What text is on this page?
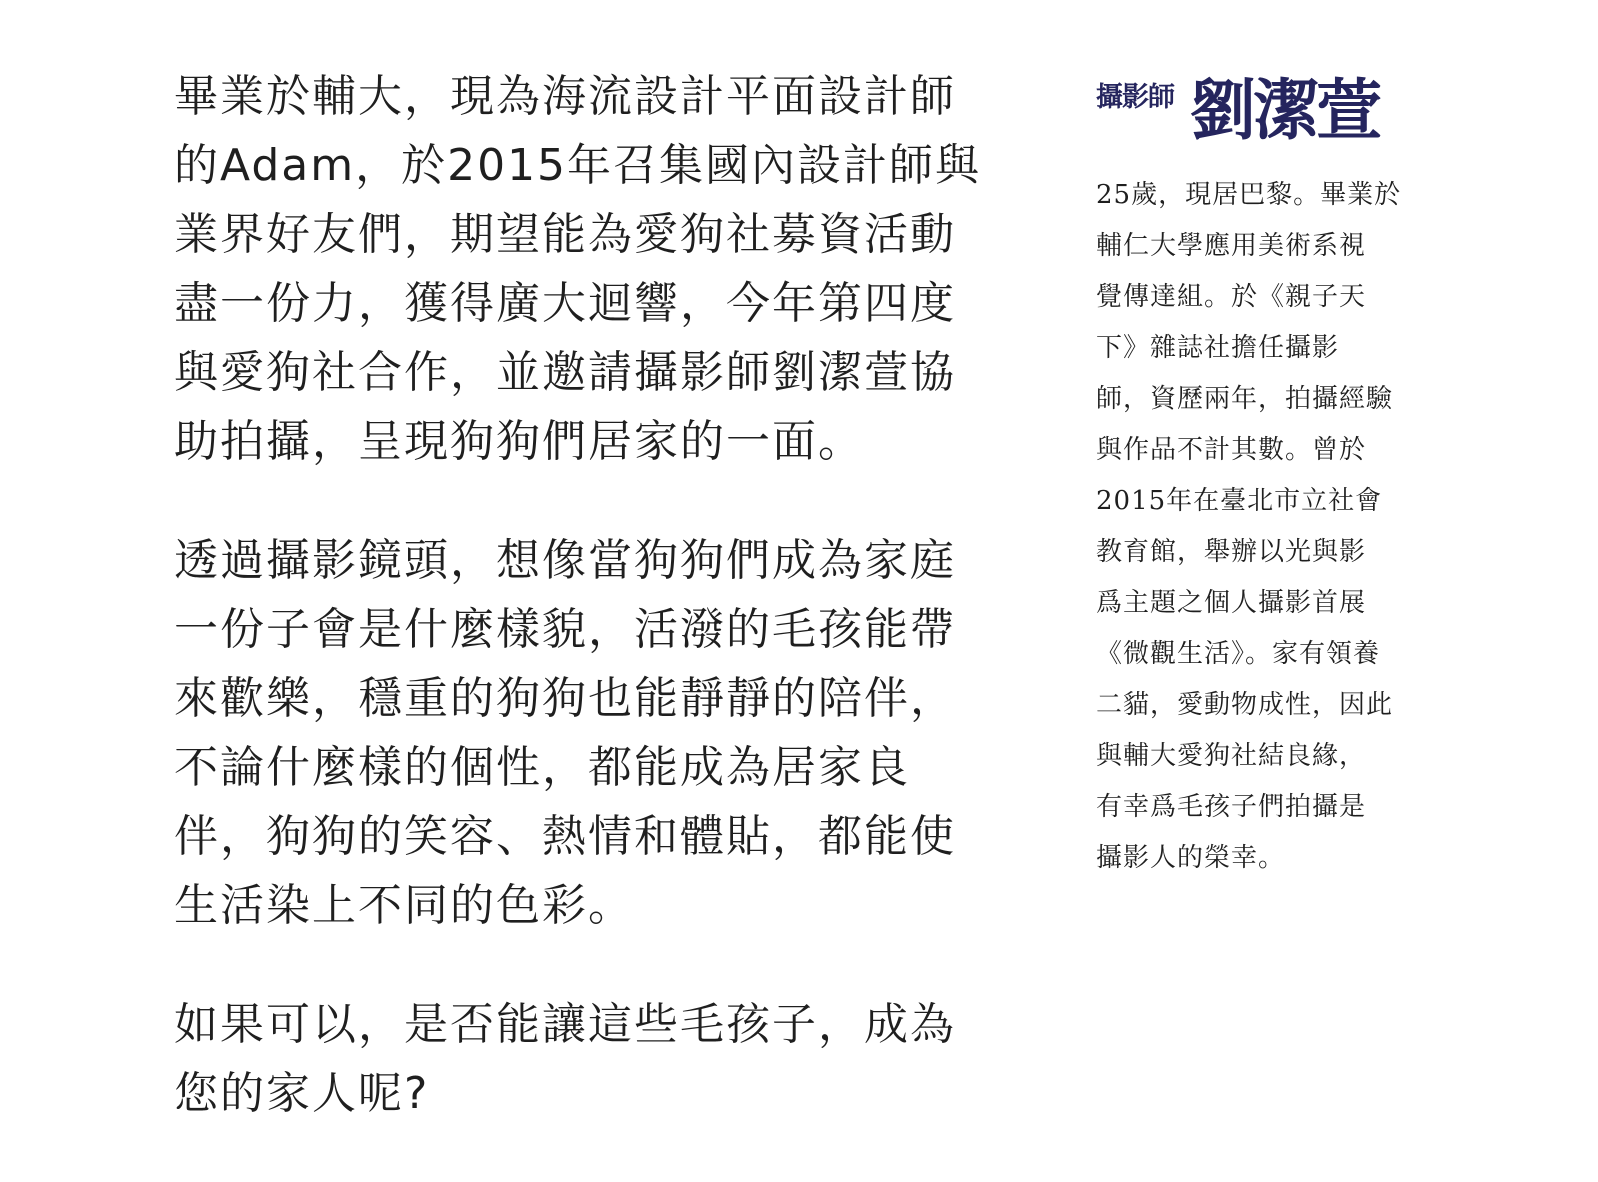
畢業於輔大，現為海流設計平面設計師
的Adam，於2015年召集國內設計師與
業界好友們，期望能為愛狗社募資活動
盡一份力，獲得廣大迴響，今年第四度
與愛狗社合作，並邀請攝影師劉潔萱協
助拍攝，呈現狗狗們居家的一面。

透過攝影鏡頭，想像當狗狗們成為家庭
一份子會是什麼樣貌，活潑的毛孩能帶
來歡樂，穩重的狗狗也能靜靜的陪伴，
不論什麼樣的個性，都能成為居家良
伴，狗狗的笑容、熱情和體貼，都能使
生活染上不同的色彩。

如果可以，是否能讓這些毛孩子，成為
您的家人呢?

攝影師 劉潔萱
25歲，現居巴黎。畢業於
輔仁大學應用美術系視
覺傳達組。於《親子天
下》雜誌社擔任攝影
師，資歷兩年，拍攝經驗
與作品不計其數。曾於
2015年在臺北市立社會
教育館，舉辦以光與影
爲主題之個人攝影首展
《微觀生活》。家有領養
二貓，愛動物成性，因此
與輔大愛狗社結良緣，
有幸爲毛孩子們拍攝是
攝影人的榮幸。
